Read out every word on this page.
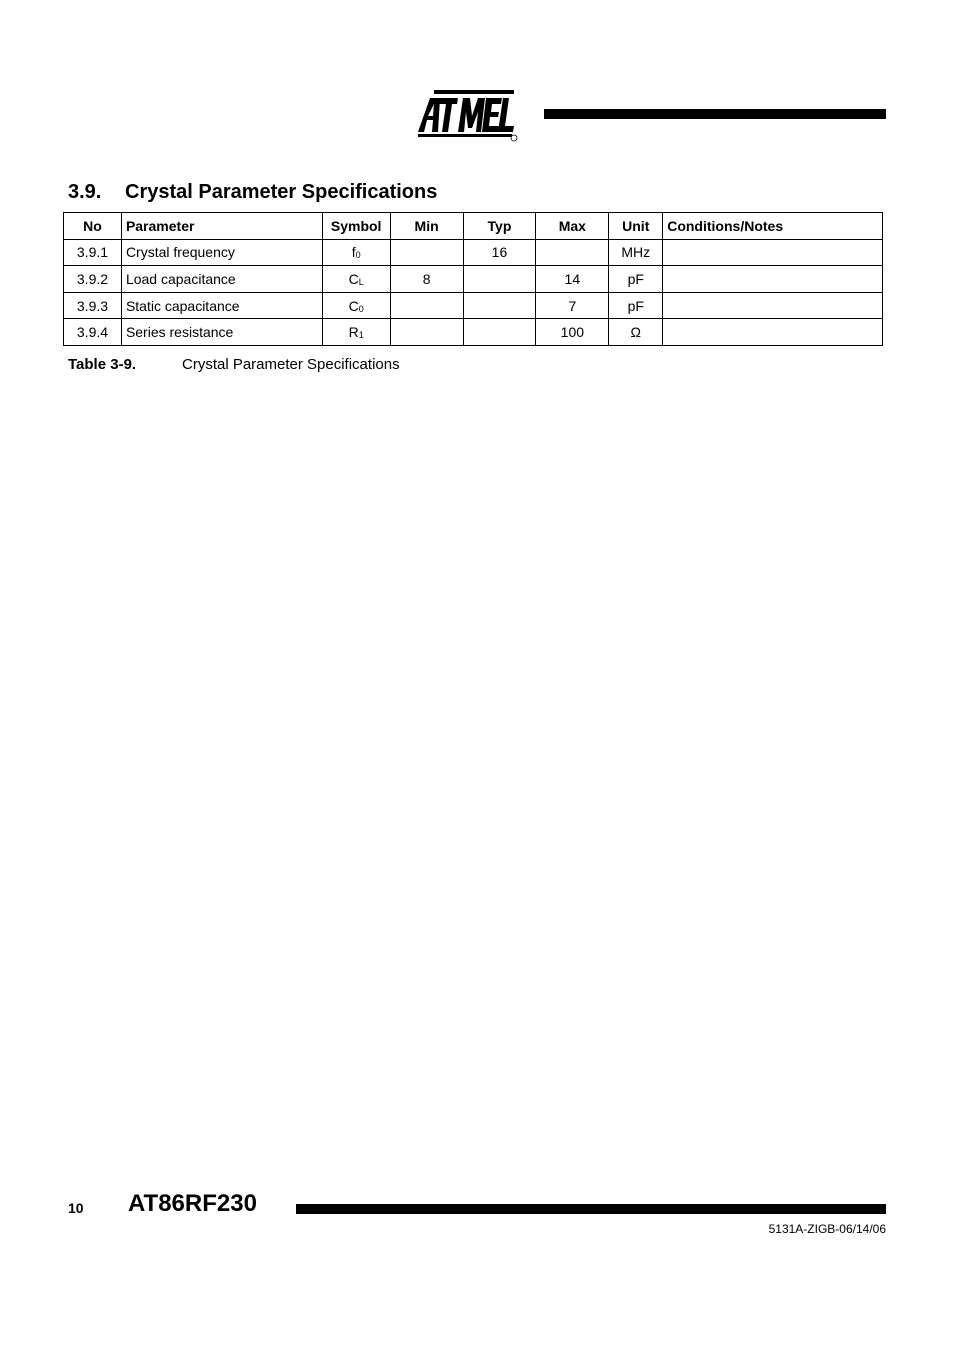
3.9. Crystal Parameter Specifications
No	Parameter	Symbol	Min	Typ	Max	Unit	Conditions/Notes
3.9.1	Crystal frequency	f0		16		MHz	
3.9.2	Load capacitance	CL	8		14	pF	
3.9.3	Static capacitance	C0			7	pF	
3.9.4	Series resistance	R1			100	Ω	
Table 3-9.	Crystal Parameter Specifications
10 AT86RF230
5131A-ZIGB-06/14/06
